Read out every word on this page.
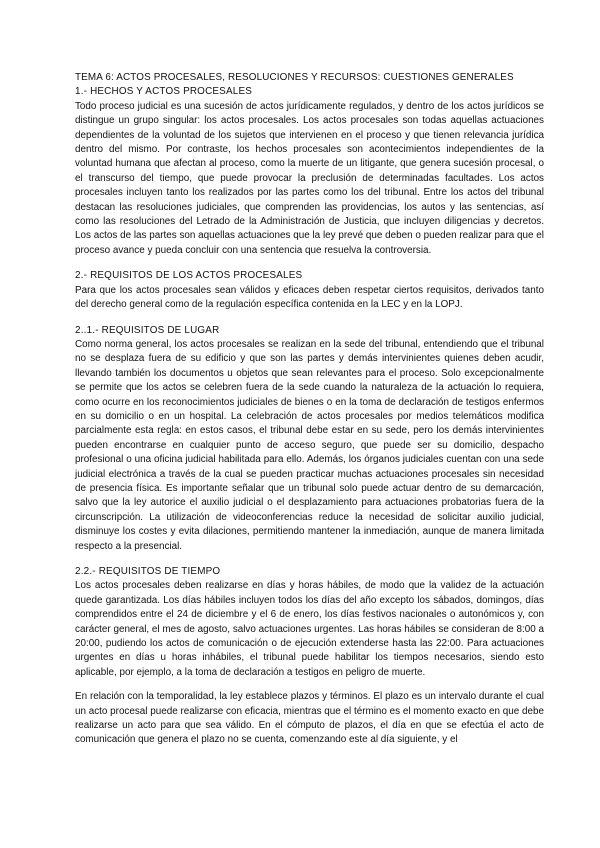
TEMA 6: ACTOS PROCESALES, RESOLUCIONES Y RECURSOS: CUESTIONES GENERALES
1.- HECHOS Y ACTOS PROCESALES

Todo proceso judicial es una sucesión de actos jurídicamente regulados, y dentro de los actos jurídicos se distingue un grupo singular: los actos procesales. Los actos procesales son todas aquellas actuaciones dependientes de la voluntad de los sujetos que intervienen en el proceso y que tienen relevancia jurídica dentro del mismo. Por contraste, los hechos procesales son acontecimientos independientes de la voluntad humana que afectan al proceso, como la muerte de un litigante, que genera sucesión procesal, o el transcurso del tiempo, que puede provocar la preclusión de determinadas facultades. Los actos procesales incluyen tanto los realizados por las partes como los del tribunal. Entre los actos del tribunal destacan las resoluciones judiciales, que comprenden las providencias, los autos y las sentencias, así como las resoluciones del Letrado de la Administración de Justicia, que incluyen diligencias y decretos. Los actos de las partes son aquellas actuaciones que la ley prevé que deben o pueden realizar para que el proceso avance y pueda concluir con una sentencia que resuelva la controversia.

2.- REQUISITOS DE LOS ACTOS PROCESALES

Para que los actos procesales sean válidos y eficaces deben respetar ciertos requisitos, derivados tanto del derecho general como de la regulación específica contenida en la LEC y en la LOPJ.

2..1.- REQUISITOS DE LUGAR

Como norma general, los actos procesales se realizan en la sede del tribunal, entendiendo que el tribunal no se desplaza fuera de su edificio y que son las partes y demás intervinientes quienes deben acudir, llevando también los documentos u objetos que sean relevantes para el proceso. Solo excepcionalmente se permite que los actos se celebren fuera de la sede cuando la naturaleza de la actuación lo requiera, como ocurre en los reconocimientos judiciales de bienes o en la toma de declaración de testigos enfermos en su domicilio o en un hospital. La celebración de actos procesales por medios telemáticos modifica parcialmente esta regla: en estos casos, el tribunal debe estar en su sede, pero los demás intervinientes pueden encontrarse en cualquier punto de acceso seguro, que puede ser su domicilio, despacho profesional o una oficina judicial habilitada para ello. Además, los órganos judiciales cuentan con una sede judicial electrónica a través de la cual se pueden practicar muchas actuaciones procesales sin necesidad de presencia física. Es importante señalar que un tribunal solo puede actuar dentro de su demarcación, salvo que la ley autorice el auxilio judicial o el desplazamiento para actuaciones probatorias fuera de la circunscripción. La utilización de videoconferencias reduce la necesidad de solicitar auxilio judicial, disminuye los costes y evita dilaciones, permitiendo mantener la inmediación, aunque de manera limitada respecto a la presencial.

2.2.- REQUISITOS DE TIEMPO

Los actos procesales deben realizarse en días y horas hábiles, de modo que la validez de la actuación quede garantizada. Los días hábiles incluyen todos los días del año excepto los sábados, domingos, días comprendidos entre el 24 de diciembre y el 6 de enero, los días festivos nacionales o autonómicos y, con carácter general, el mes de agosto, salvo actuaciones urgentes. Las horas hábiles se consideran de 8:00 a 20:00, pudiendo los actos de comunicación o de ejecución extenderse hasta las 22:00. Para actuaciones urgentes en días u horas inhábiles, el tribunal puede habilitar los tiempos necesarios, siendo esto aplicable, por ejemplo, a la toma de declaración a testigos en peligro de muerte.

En relación con la temporalidad, la ley establece plazos y términos. El plazo es un intervalo durante el cual un acto procesal puede realizarse con eficacia, mientras que el término es el momento exacto en que debe realizarse un acto para que sea válido. En el cómputo de plazos, el día en que se efectúa el acto de comunicación que genera el plazo no se cuenta, comenzando este al día siguiente, y el
